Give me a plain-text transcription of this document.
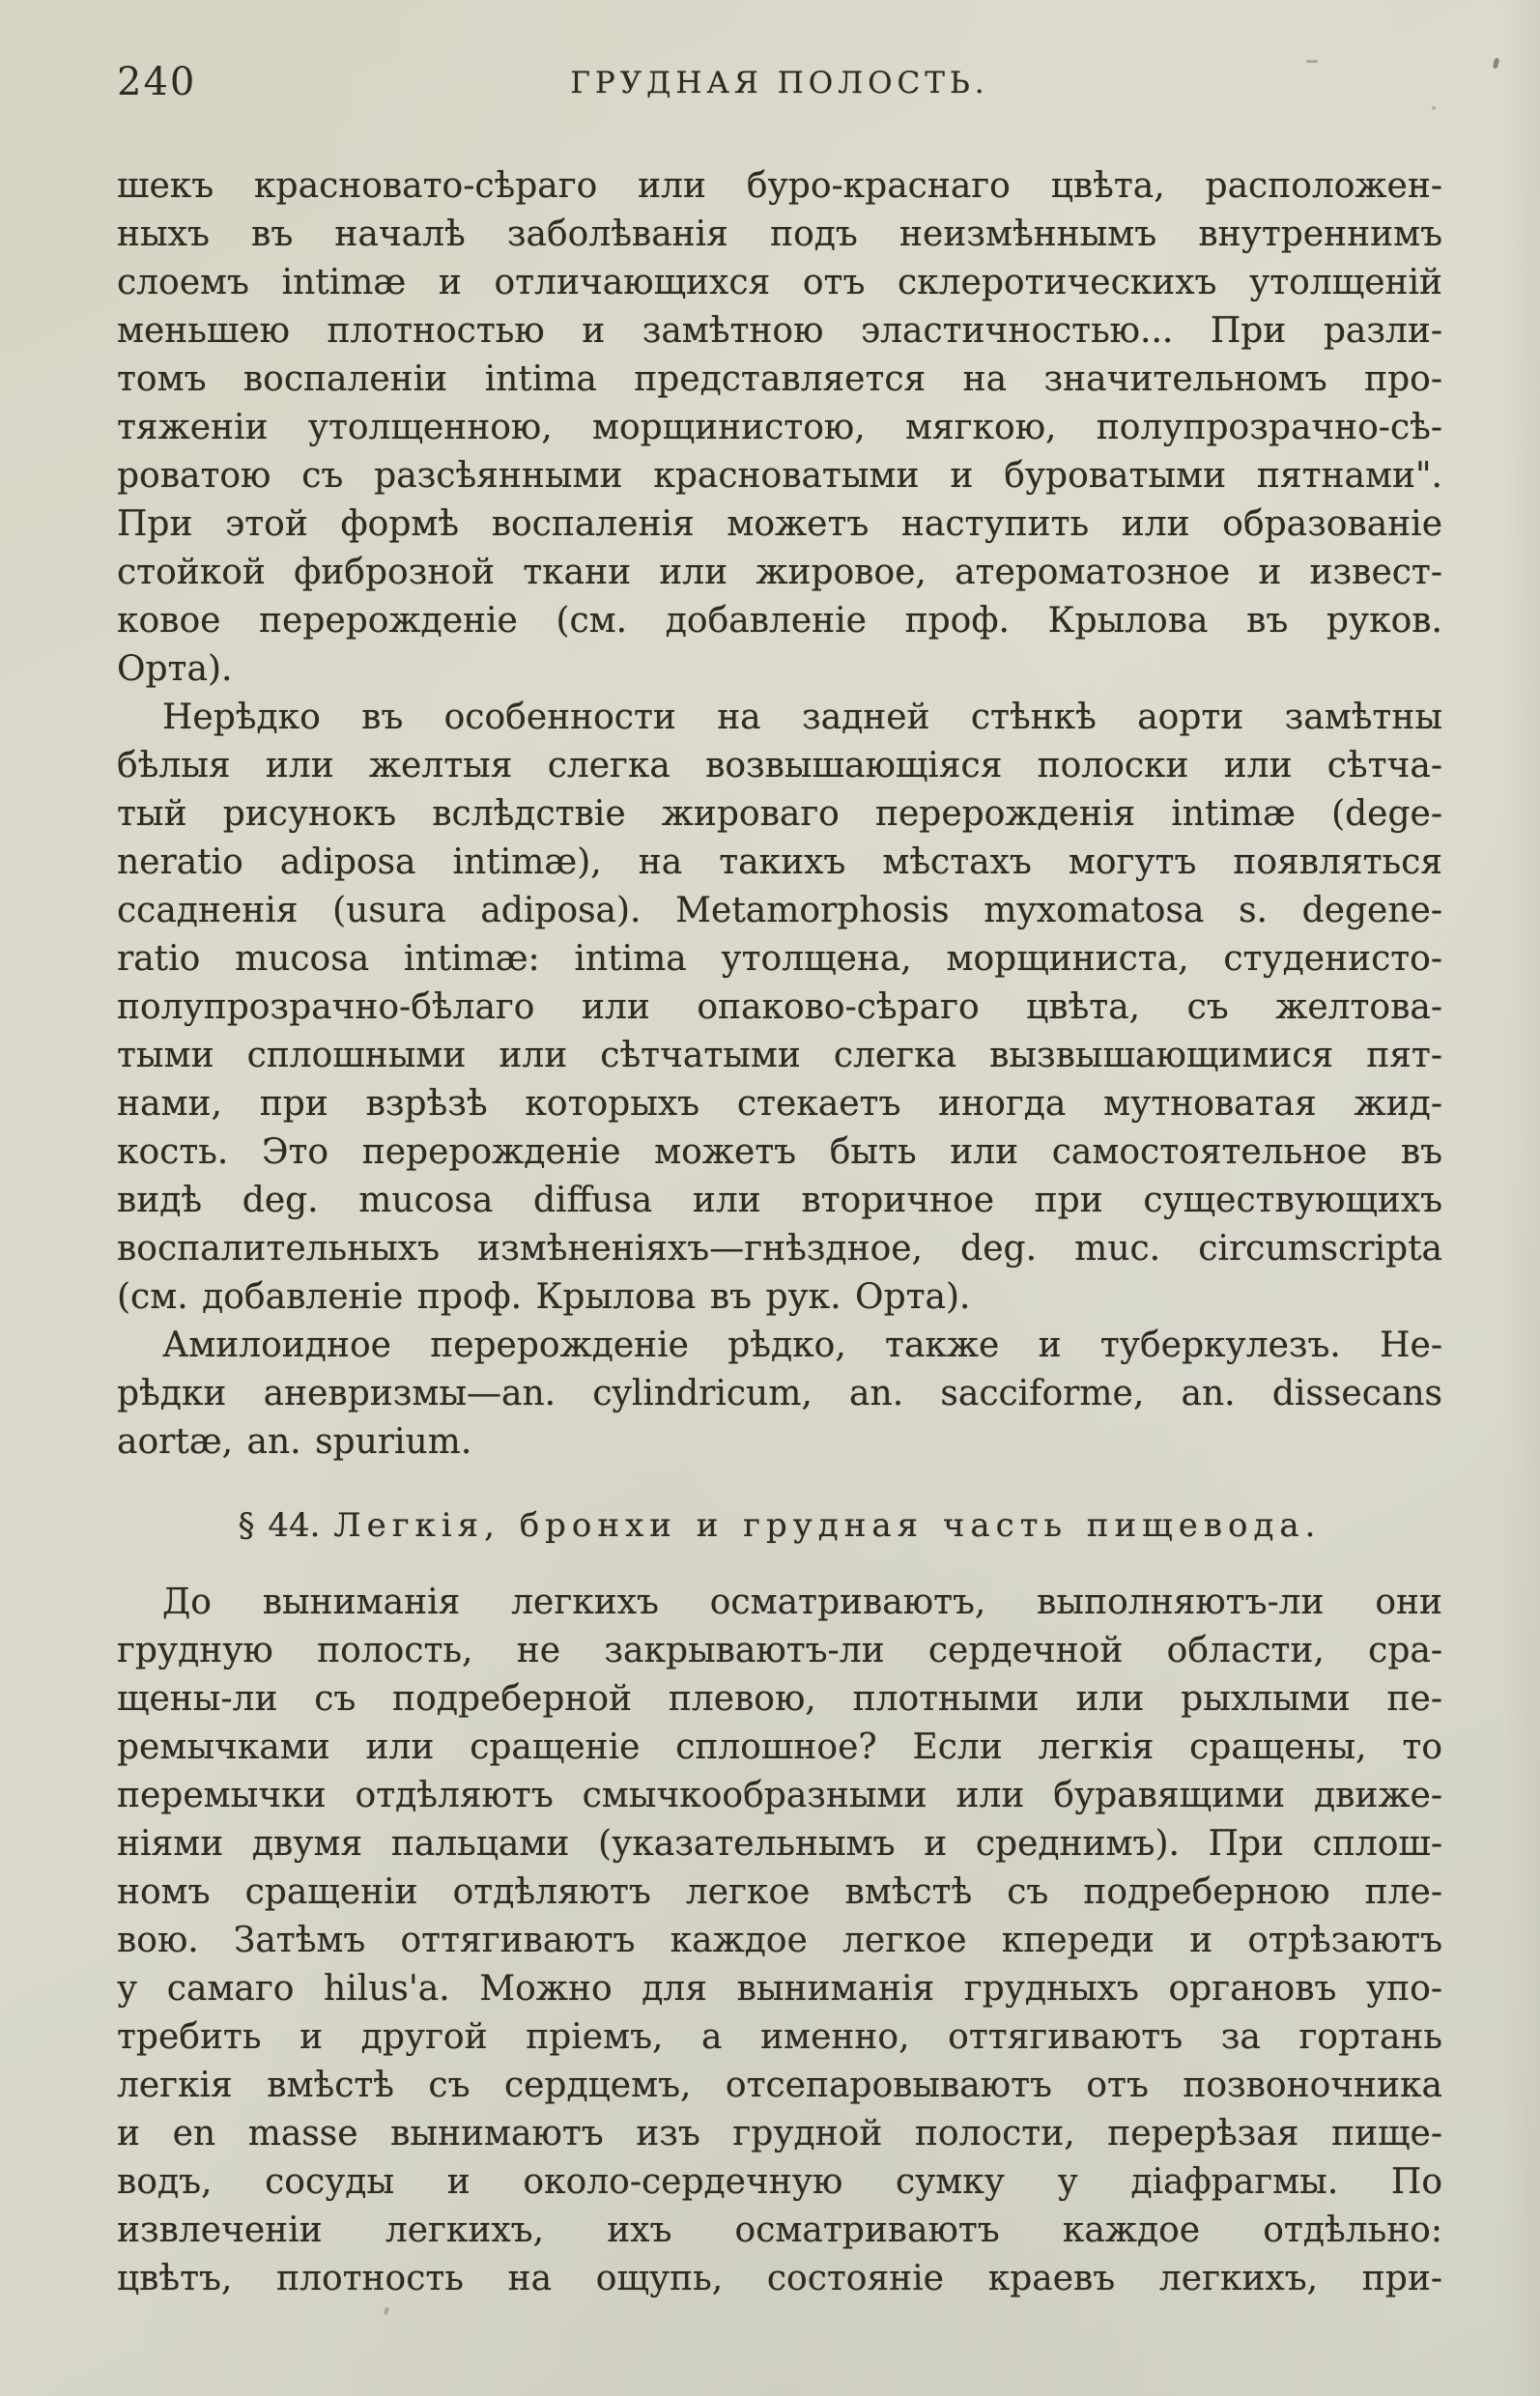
240	ГРУДНАЯ ПОЛОСТЬ.
шекъ красновато-сѣраго или буро-краснаго цвѣта, расположен-
ныхъ въ началѣ заболѣванія подъ неизмѣннымъ внутреннимъ
слоемъ intimæ и отличающихся отъ склеротическихъ утолщеній
меньшею плотностью и замѣтною эластичностью... При разли-
томъ воспаленіи intima представляется на значительномъ про-
тяженіи утолщенною, морщинистою, мягкою, полупрозрачно-сѣ-
роватою съ разсѣянными красноватыми и буроватыми пятнами".
При этой формѣ воспаленія можетъ наступить или образованіе
стойкой фиброзной ткани или жировое, атероматозное и извест-
ковое перерожденіе (см. добавленіе проф. Крылова въ руков.
Орта).
Нерѣдко въ особенности на задней стѣнкѣ аорти замѣтны
бѣлыя или желтыя слегка возвышающіяся полоски или сѣтча-
тый рисунокъ вслѣдствіе жироваго перерожденія intimæ (dege-
neratio adiposa intimæ), на такихъ мѣстахъ могутъ появляться
ссадненія (usura adiposa). Metamorphosis myxomatosa s. degene-
ratio mucosa intimæ: intima утолщена, морщиниста, студенисто-
полупрозрачно-бѣлаго или опаково-сѣраго цвѣта, съ желтова-
тыми сплошными или сѣтчатыми слегка вызвышающимися пят-
нами, при взрѣзѣ которыхъ стекаетъ иногда мутноватая жид-
кость. Это перерожденіе можетъ быть или самостоятельное въ
видѣ deg. mucosa diffusa или вторичное при существующихъ
воспалительныхъ измѣненіяхъ—гнѣздное, deg. muc. circumscripta
(см. добавленіе проф. Крылова въ рук. Орта).
Амилоидное перерожденіе рѣдко, также и туберкулезъ. Не-
рѣдки аневризмы—an. cylindricum, an. sacciforme, an. dissecans
aortæ, an. spurium.
§ 44. Легкія, бронхи и грудная часть пищевода.
До выниманія легкихъ осматриваютъ, выполняютъ-ли они
грудную полость, не закрываютъ-ли сердечной области, сра-
щены-ли съ подреберной плевою, плотными или рыхлыми пе-
ремычками или сращеніе сплошное? Если легкія сращены, то
перемычки отдѣляютъ смычкообразными или буравящими движе-
ніями двумя пальцами (указательнымъ и среднимъ). При сплош-
номъ сращеніи отдѣляютъ легкое вмѣстѣ съ подреберною пле-
вою. Затѣмъ оттягиваютъ каждое легкое кпереди и отрѣзаютъ
у самаго hilus'a. Можно для выниманія грудныхъ органовъ упо-
требить и другой пріемъ, а именно, оттягиваютъ за гортань
легкія вмѣстѣ съ сердцемъ, отсепаровываютъ отъ позвоночника
и en masse вынимаютъ изъ грудной полости, перерѣзая пище-
водъ, сосуды и около-сердечную сумку у діафрагмы. По
извлеченіи легкихъ, ихъ осматриваютъ каждое отдѣльно:
цвѣтъ, плотность на ощупь, состояніе краевъ легкихъ, при-
